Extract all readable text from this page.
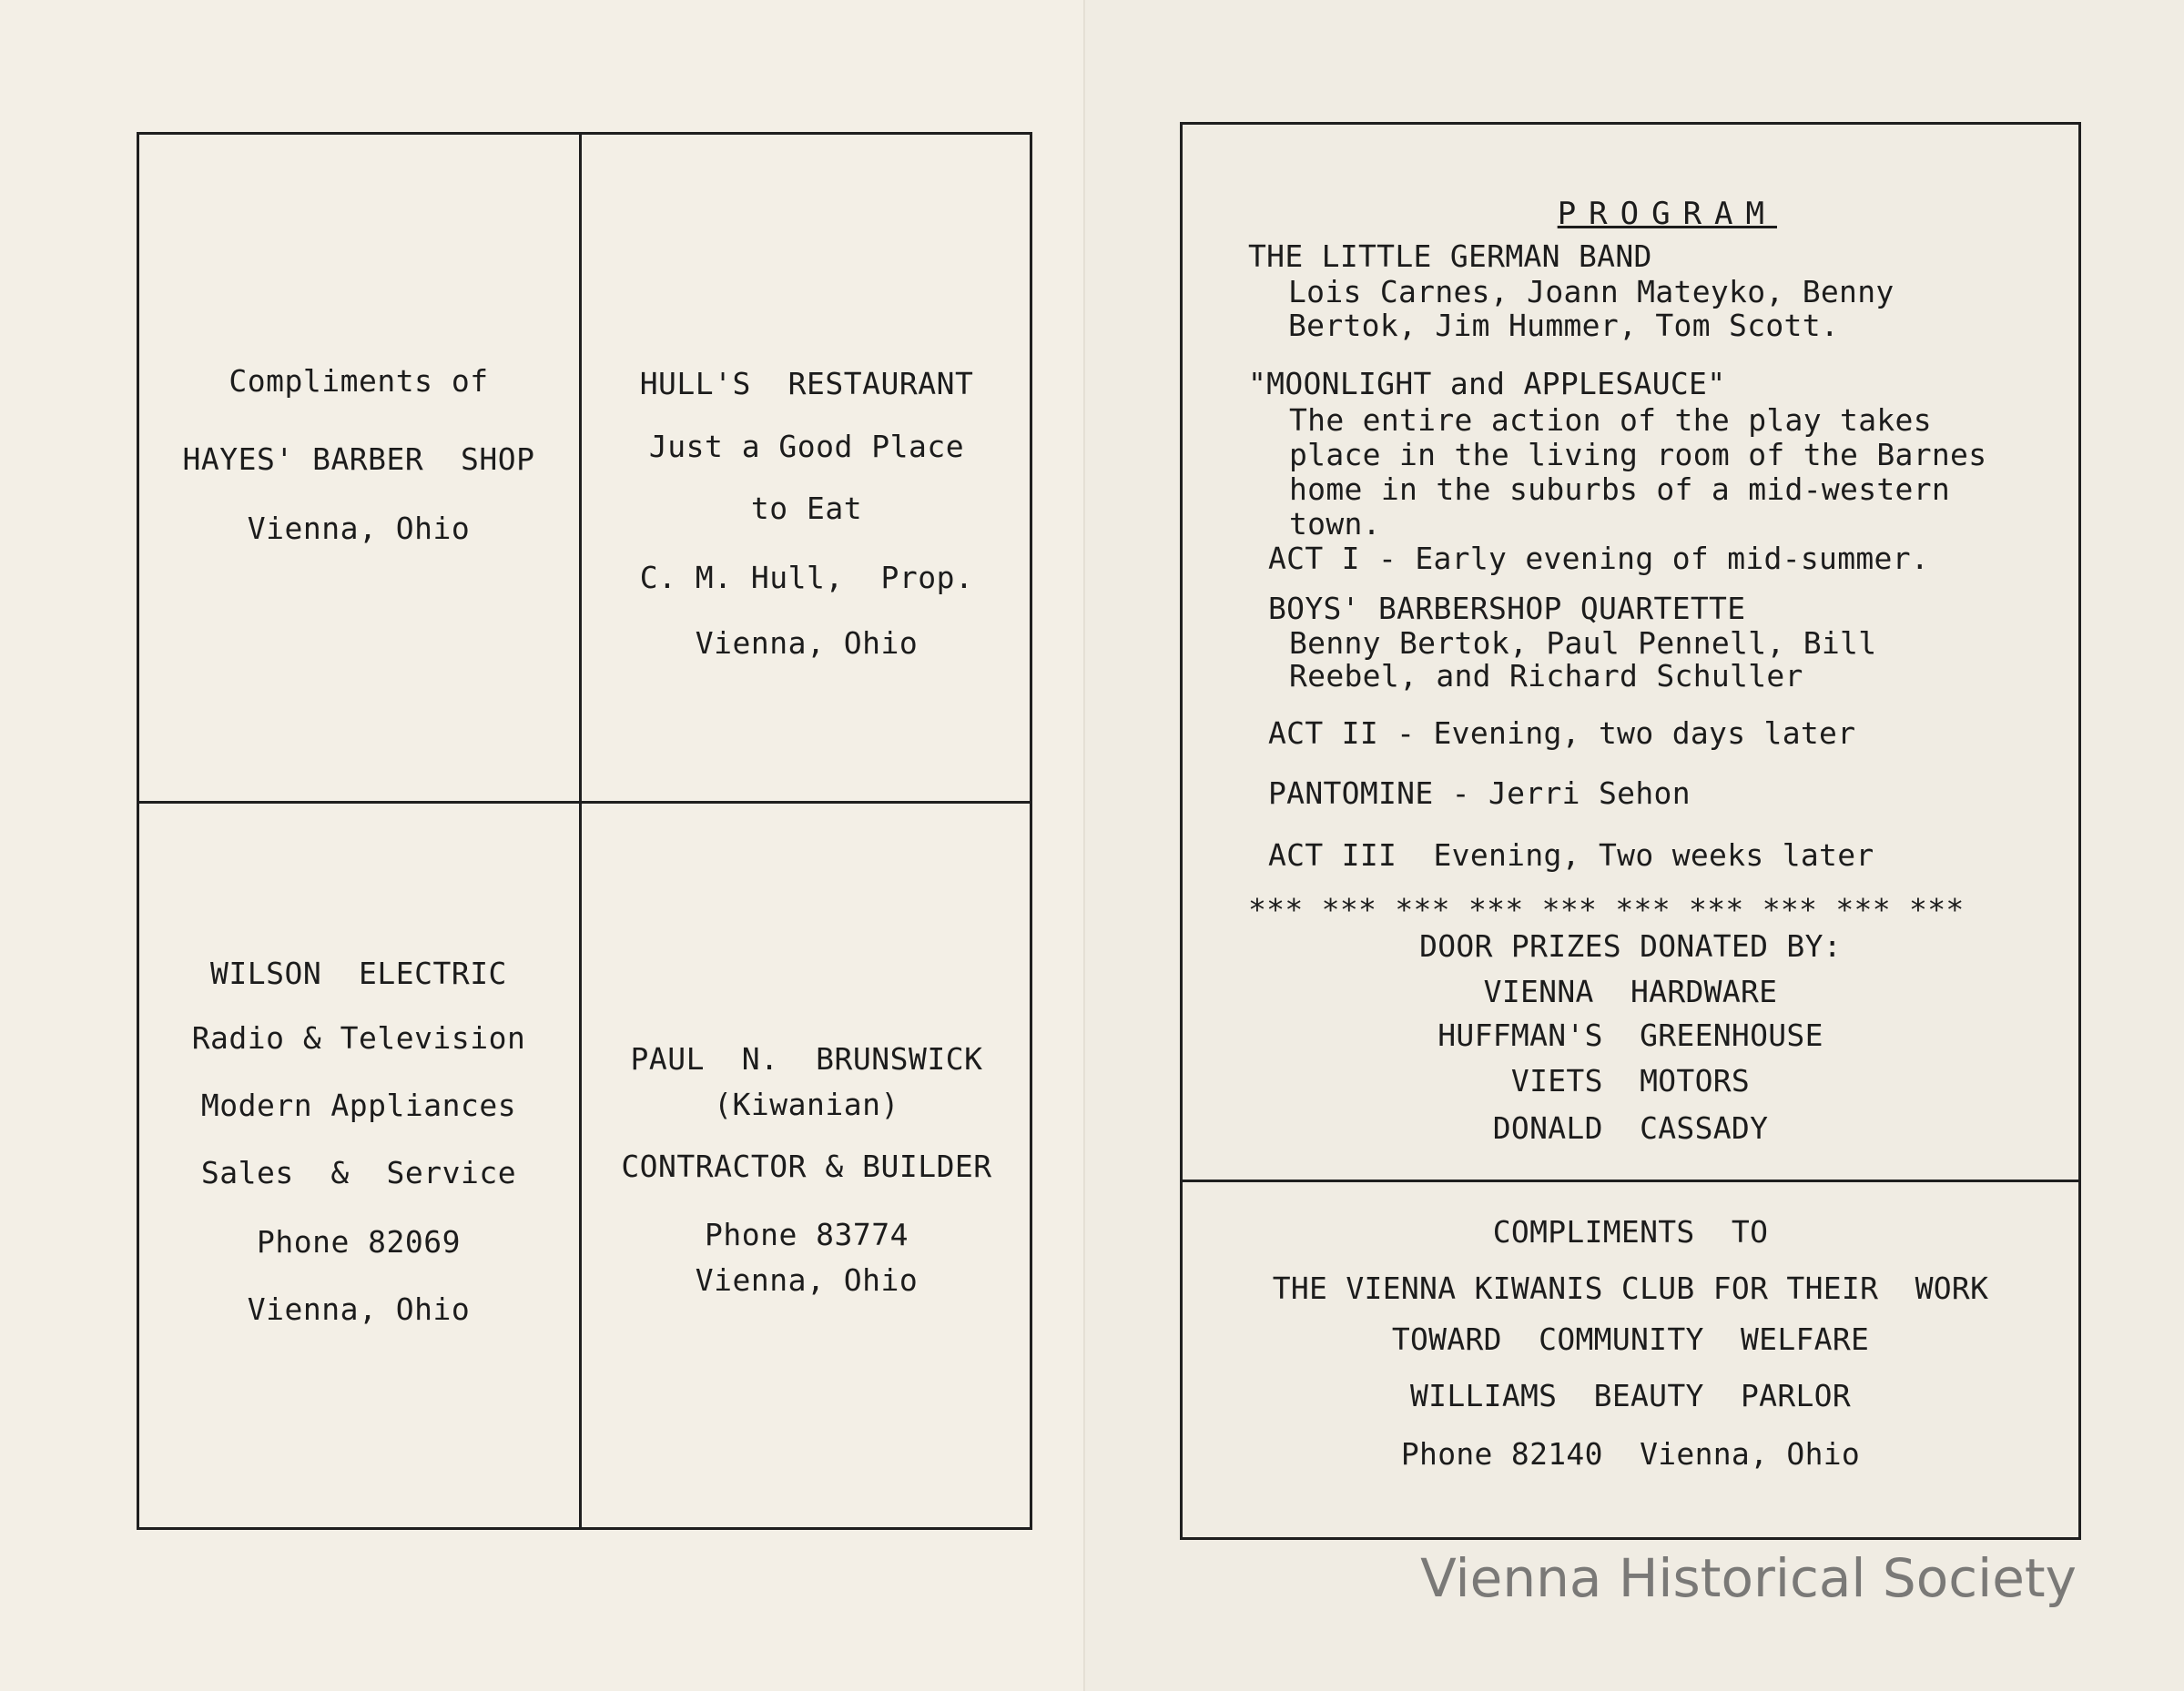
Compliments of
HAYES' BARBER  SHOP
Vienna, Ohio
HULL'S  RESTAURANT
Just a Good Place
to Eat
C. M. Hull,  Prop.
Vienna, Ohio
WILSON  ELECTRIC
Radio & Television
Modern Appliances
Sales  &  Service
Phone 82069
Vienna, Ohio
PAUL  N.  BRUNSWICK
(Kiwanian)
CONTRACTOR & BUILDER
Phone 83774
Vienna, Ohio

PROGRAM

THE LITTLE GERMAN BAND
Lois Carnes, Joann Mateyko, Benny
Bertok, Jim Hummer, Tom Scott.
"MOONLIGHT and APPLESAUCE"
The entire action of the play takes
place in the living room of the Barnes
home in the suburbs of a mid-western
town.
ACT I - Early evening of mid-summer.
BOYS' BARBERSHOP QUARTETTE
Benny Bertok, Paul Pennell, Bill
Reebel, and Richard Schuller
ACT II - Evening, two days later
PANTOMINE - Jerri Sehon
ACT III  Evening, Two weeks later
*** *** *** *** *** *** *** *** *** ***
DOOR PRIZES DONATED BY:
VIENNA  HARDWARE
HUFFMAN'S  GREENHOUSE
VIETS  MOTORS
DONALD  CASSADY
COMPLIMENTS  TO
THE VIENNA KIWANIS CLUB FOR THEIR  WORK
TOWARD  COMMUNITY  WELFARE
WILLIAMS  BEAUTY  PARLOR
Phone 82140  Vienna, Ohio
Vienna Historical Society
